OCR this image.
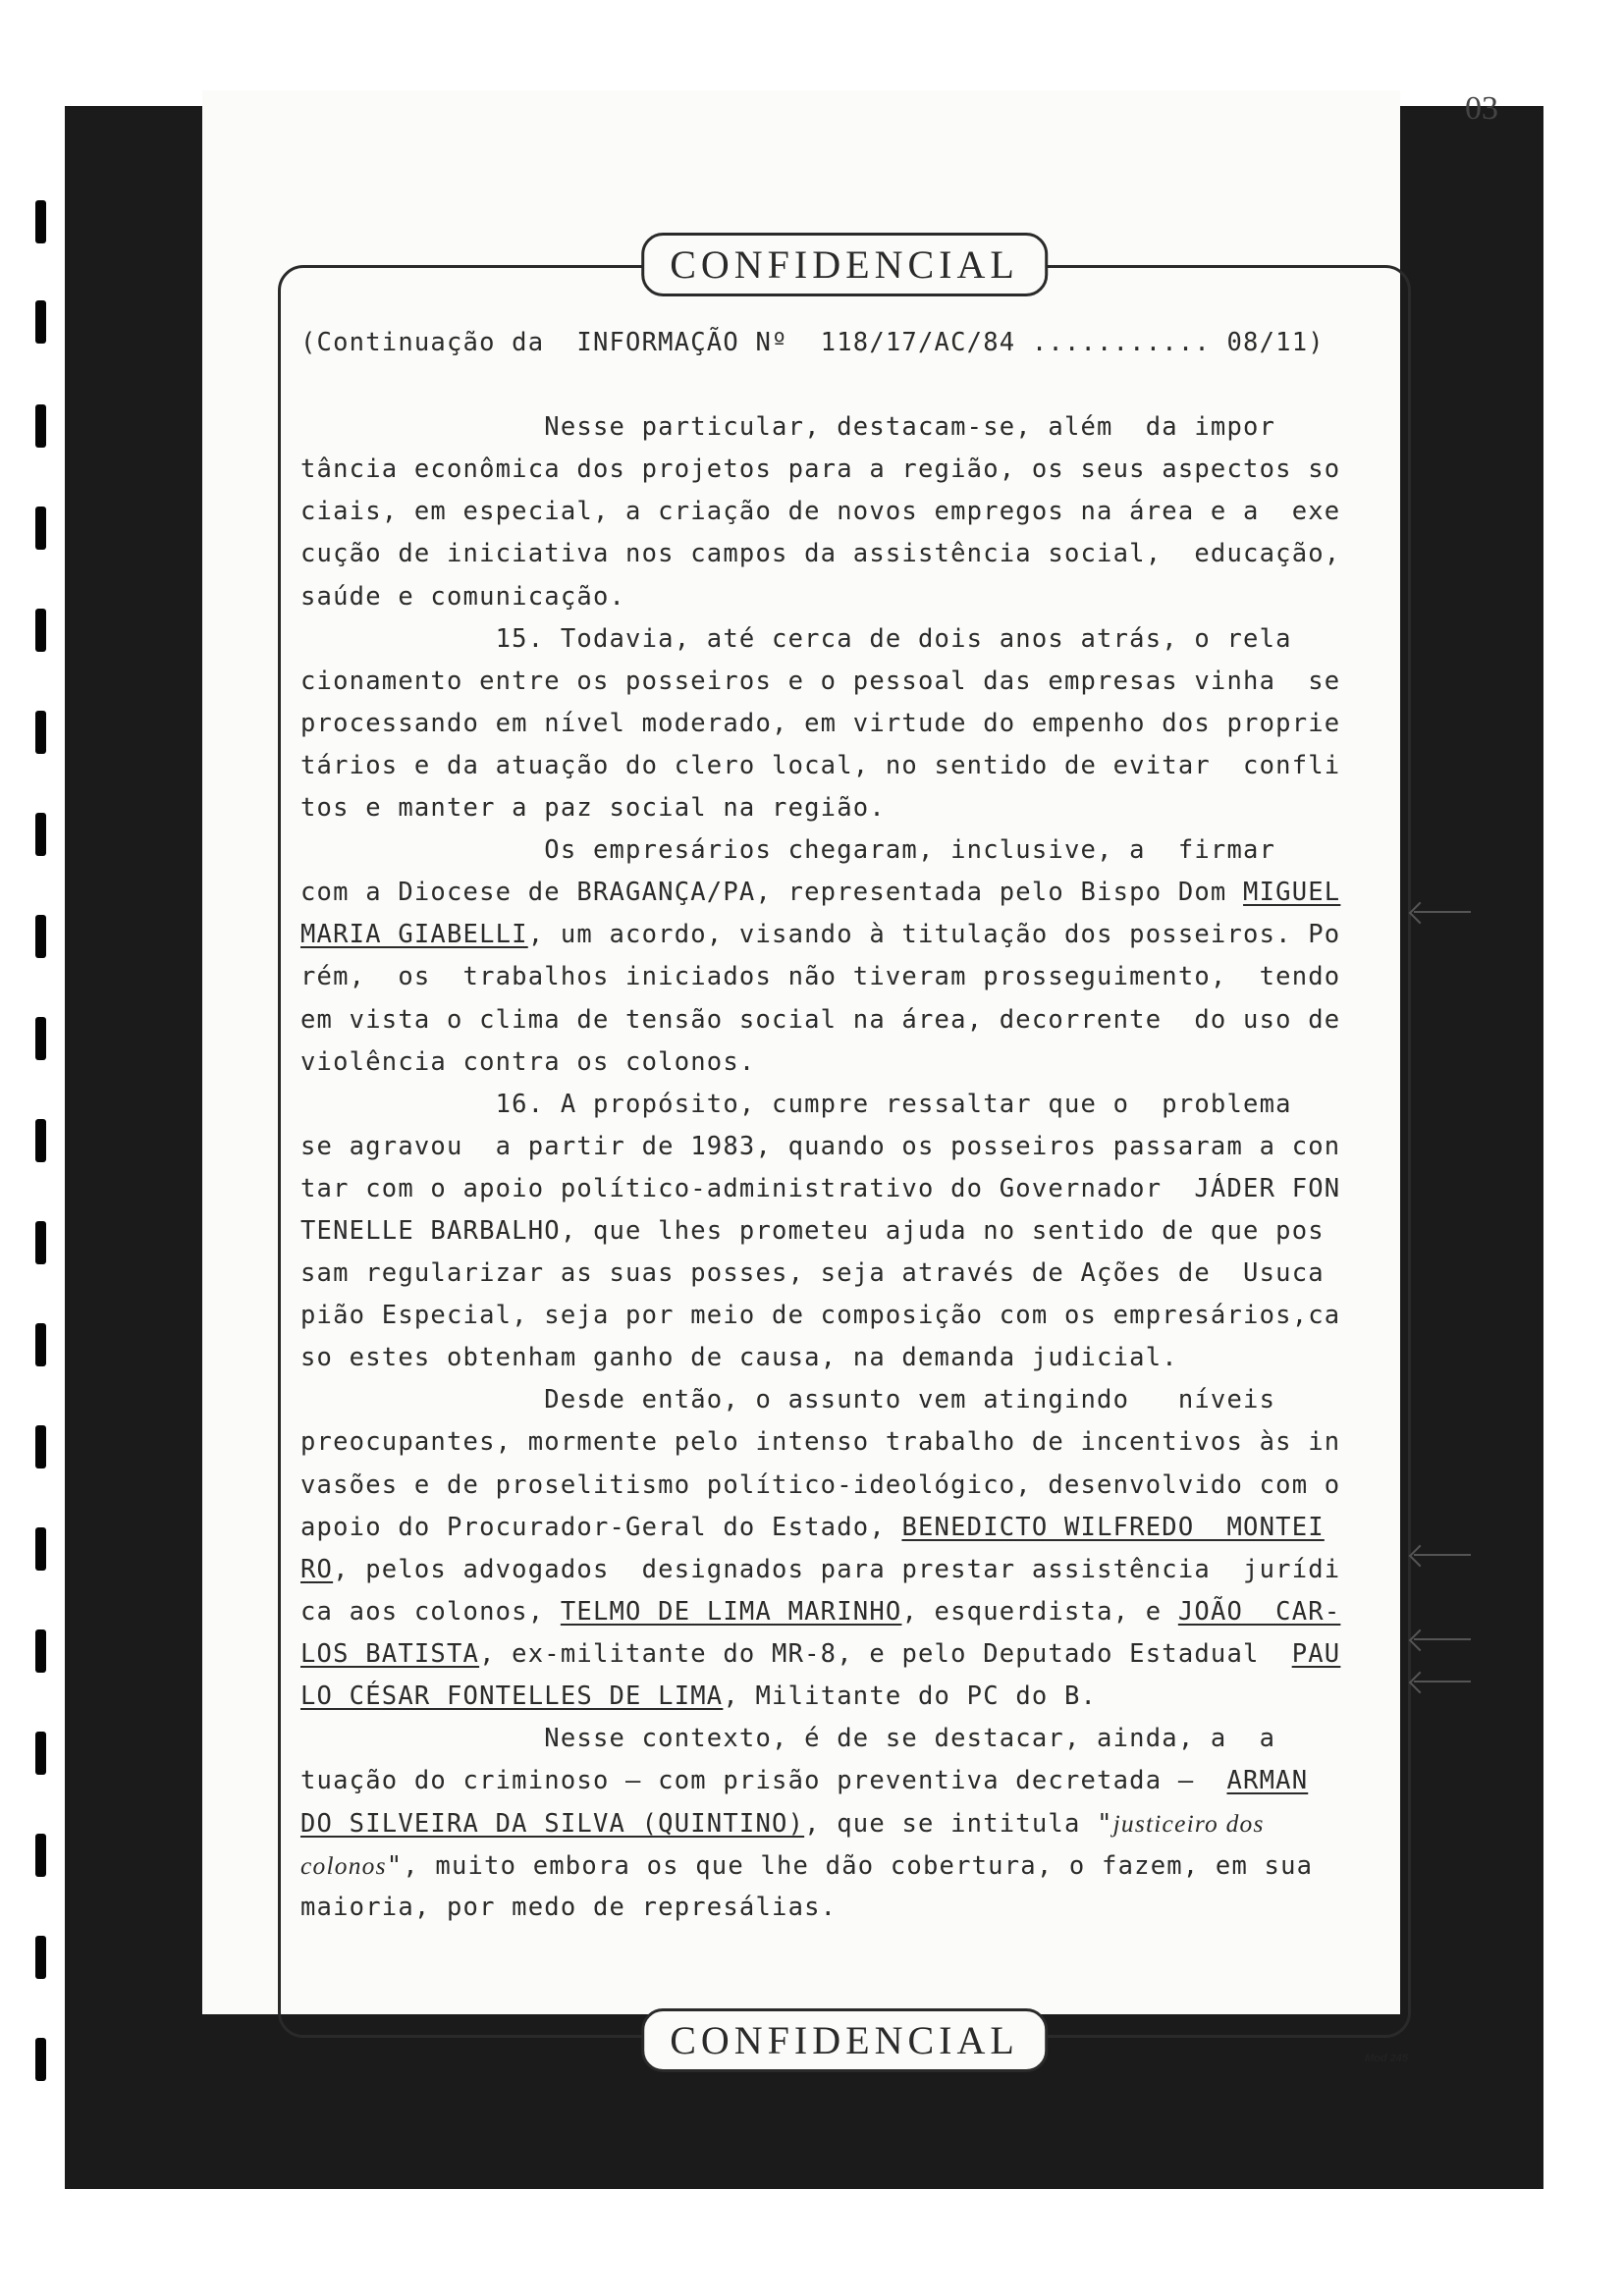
03
CONFIDENCIAL
CONFIDENCIAL	Mod 245
(Continuação da  INFORMAÇÃO Nº  118/17/AC/84 ........... 08/11)
Nesse particular, destacam-se, além  da impor
tância econômica dos projetos para a região, os seus aspectos so
ciais, em especial, a criação de novos empregos na área e a  exe
cução de iniciativa nos campos da assistência social,  educação,
saúde e comunicação.
15. Todavia, até cerca de dois anos atrás, o rela
cionamento entre os posseiros e o pessoal das empresas vinha  se
processando em nível moderado, em virtude do empenho dos proprie
tários e da atuação do clero local, no sentido de evitar  confli
tos e manter a paz social na região.
Os empresários chegaram, inclusive, a  firmar
com a Diocese de BRAGANÇA/PA, representada pelo Bispo Dom MIGUEL
MARIA GIABELLI, um acordo, visando à titulação dos posseiros. Po
rém,  os  trabalhos iniciados não tiveram prosseguimento,  tendo
em vista o clima de tensão social na área, decorrente  do uso de
violência contra os colonos.
16. A propósito, cumpre ressaltar que o  problema
se agravou  a partir de 1983, quando os posseiros passaram a con
tar com o apoio político-administrativo do Governador  JÁDER FON
TENELLE BARBALHO, que lhes prometeu ajuda no sentido de que pos
sam regularizar as suas posses, seja através de Ações de  Usuca
pião Especial, seja por meio de composição com os empresários,ca
so estes obtenham ganho de causa, na demanda judicial.
Desde então, o assunto vem atingindo   níveis
preocupantes, mormente pelo intenso trabalho de incentivos às in
vasões e de proselitismo político-ideológico, desenvolvido com o
apoio do Procurador-Geral do Estado, BENEDICTO WILFREDO  MONTEI
RO, pelos advogados  designados para prestar assistência  jurídi
ca aos colonos, TELMO DE LIMA MARINHO, esquerdista, e JOÃO  CAR-
LOS BATISTA, ex-militante do MR-8, e pelo Deputado Estadual  PAU
LO CÉSAR FONTELLES DE LIMA, Militante do PC do B.
Nesse contexto, é de se destacar, ainda, a  a
tuação do criminoso — com prisão preventiva decretada —  ARMAN
DO SILVEIRA DA SILVA (QUINTINO), que se intitula "justiceiro dos
colonos", muito embora os que lhe dão cobertura, o fazem, em sua
maioria, por medo de represálias.
